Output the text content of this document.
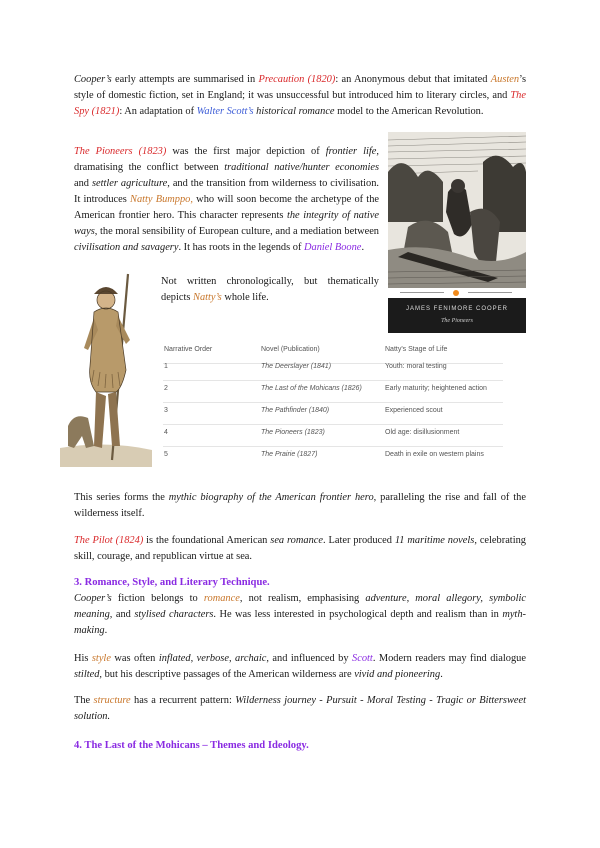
Cooper’s early attempts are summarised in Precaution (1820): an Anonymous debut that imitated Austen’s style of domestic fiction, set in England; it was unsuccessful but introduced him to literary circles, and The Spy (1821): An adaptation of Walter Scott’s historical romance model to the American Revolution.

The Pioneers (1823) was the first major depiction of frontier life, dramatising the conflict between traditional native/hunter economies and settler agriculture, and the transition from wilderness to civilisation. It introduces Natty Bumppo, who will soon become the archetype of the American frontier hero. This character represents the integrity of native ways, the moral sensibility of European culture, and a mediation between civilisation and savagery. It has roots in the legends of Daniel Boone.

JAMES FENIMORE COOPER
The Pioneers

Not written chronologically, but thematically depicts Natty’s whole life.

Narrative Order	Novel (Publication)	Natty's Stage of Life
1	The Deerslayer (1841)	Youth: moral testing
2	The Last of the Mohicans (1826)	Early maturity; heightened action
3	The Pathfinder (1840)	Experienced scout
4	The Pioneers (1823)	Old age: disillusionment
5	The Prairie (1827)	Death in exile on western plains

This series forms the mythic biography of the American frontier hero, paralleling the rise and fall of the wilderness itself.

The Pilot (1824) is the foundational American sea romance. Later produced 11 maritime novels, celebrating skill, courage, and republican virtue at sea.

3. Romance, Style, and Literary Technique.

Cooper’s fiction belongs to romance, not realism, emphasising adventure, moral allegory, symbolic meaning, and stylised characters. He was less interested in psychological depth and realism than in myth-making.

His style was often inflated, verbose, archaic, and influenced by Scott. Modern readers may find dialogue stilted, but his descriptive passages of the American wilderness are vivid and pioneering.

The structure has a recurrent pattern: Wilderness journey - Pursuit - Moral Testing - Tragic or Bittersweet solution.

4. The Last of the Mohicans – Themes and Ideology.
